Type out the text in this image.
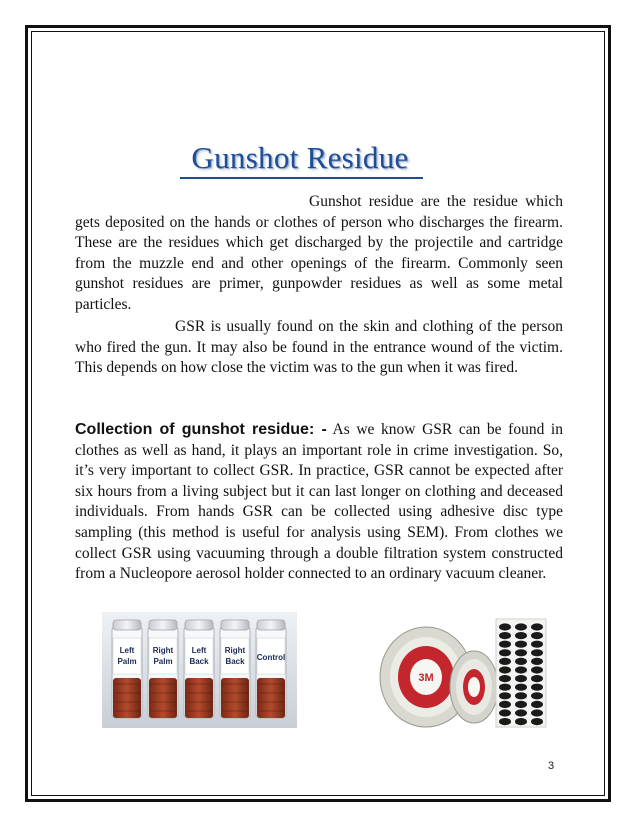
Gunshot Residue

Gunshot residue are the residue which gets deposited on the hands or clothes of person who discharges the firearm. These are the residues which get discharged by the projectile and cartridge from the muzzle end and other openings of the firearm. Commonly seen gunshot residues are primer, gunpowder residues as well as some metal particles.

GSR is usually found on the skin and clothing of the person who fired the gun. It may also be found in the entrance wound of the victim. This depends on how close the victim was to the gun when it was fired.

Collection of gunshot residue: - As we know GSR can be found in clothes as well as hand, it plays an important role in crime investigation. So, it’s very important to collect GSR. In practice, GSR cannot be expected after six hours from a living subject but it can last longer on clothing and deceased individuals. From hands GSR can be collected using adhesive disc type sampling (this method is useful for analysis using SEM). From clothes we collect GSR using vacuuming through a double filtration system constructed from a Nucleopore aerosol holder connected to an ordinary vacuum cleaner.

Left
Palm
Right
Palm
Left
Back
Right
Back Control
3M
3
